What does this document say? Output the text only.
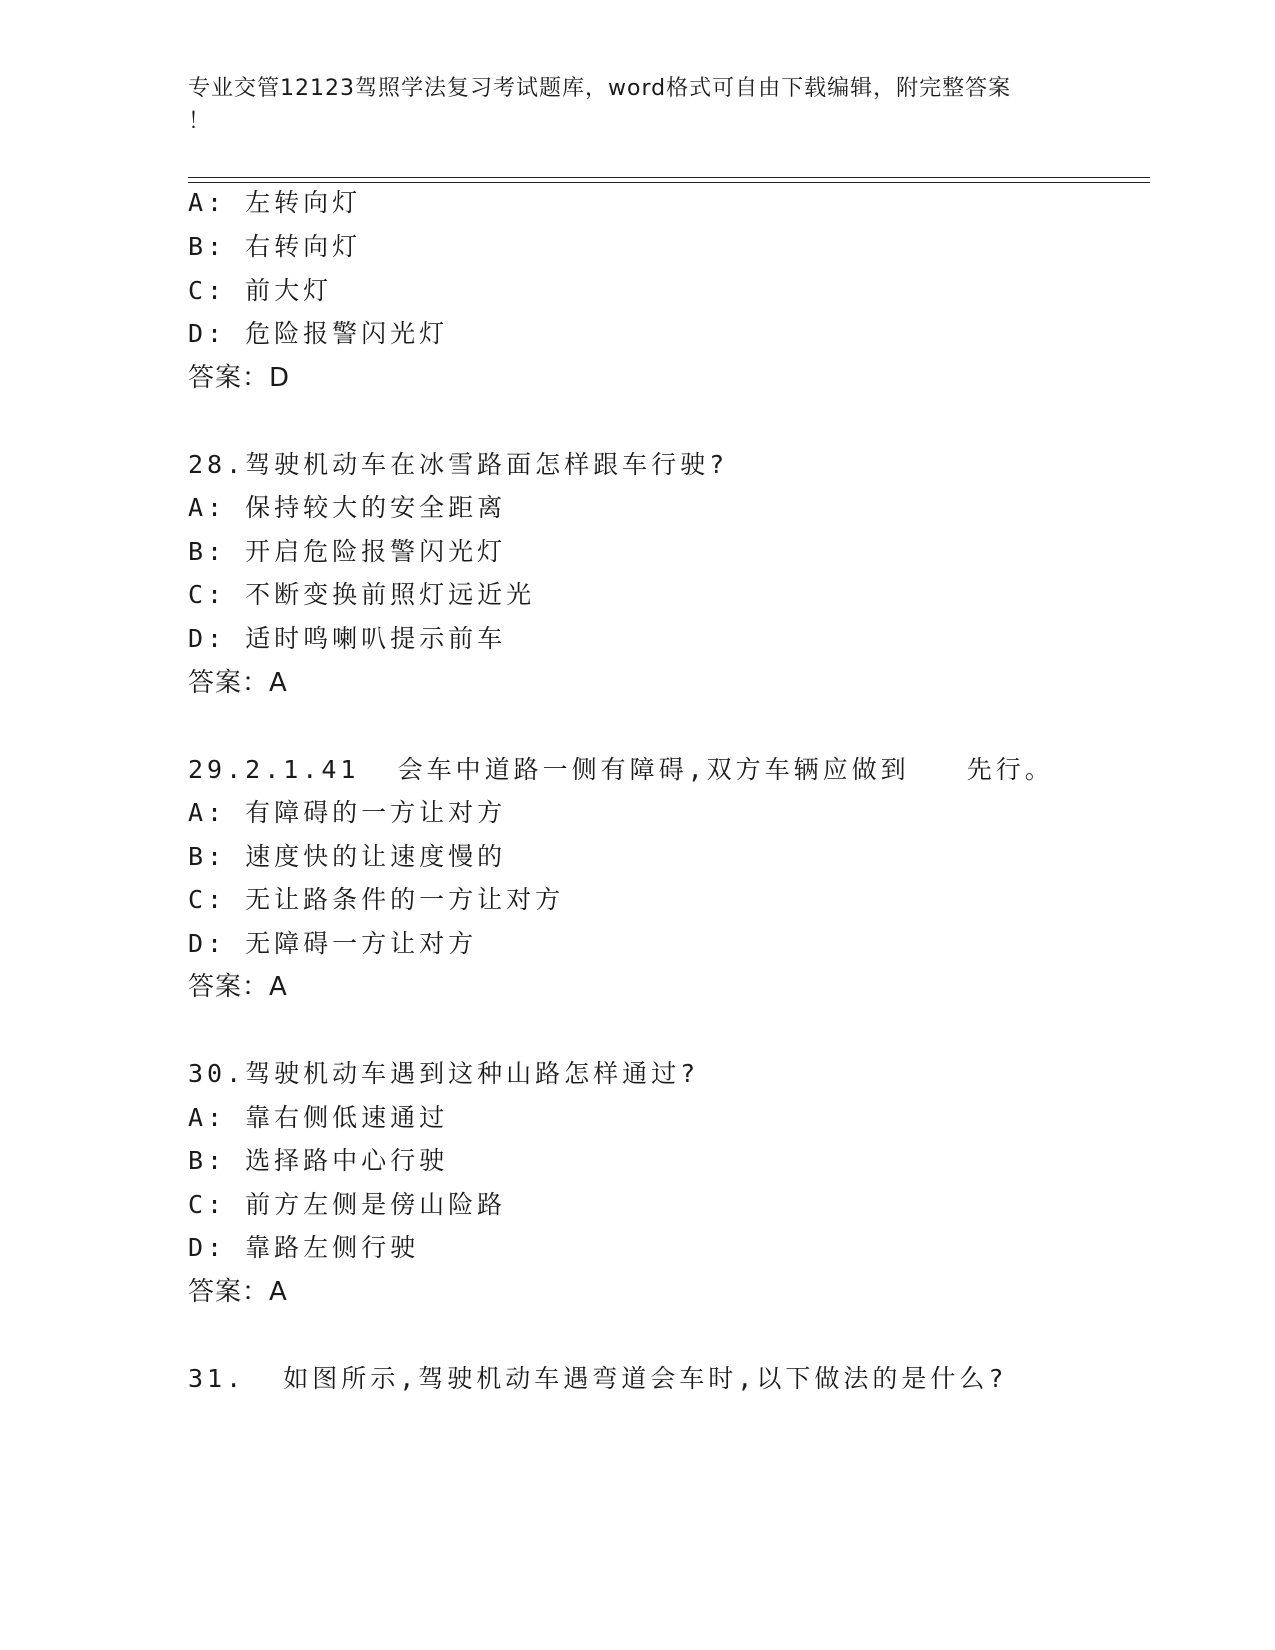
专业交管12123驾照学法复习考试题库，word格式可自由下载编辑，附完整答案
！
A: 左转向灯
B: 右转向灯
C: 前大灯
D: 危险报警闪光灯
答案：D
28.驾驶机动车在冰雪路面怎样跟车行驶?
A: 保持较大的安全距离
B: 开启危险报警闪光灯
C: 不断变换前照灯远近光
D: 适时鸣喇叭提示前车
答案：A
29.2.1.41  会车中道路一侧有障碍,双方车辆应做到   先行。
A: 有障碍的一方让对方
B: 速度快的让速度慢的
C: 无让路条件的一方让对方
D: 无障碍一方让对方
答案：A
30.驾驶机动车遇到这种山路怎样通过?
A: 靠右侧低速通过
B: 选择路中心行驶
C: 前方左侧是傍山险路
D: 靠路左侧行驶
答案：A
31.  如图所示,驾驶机动车遇弯道会车时,以下做法的是什么?
